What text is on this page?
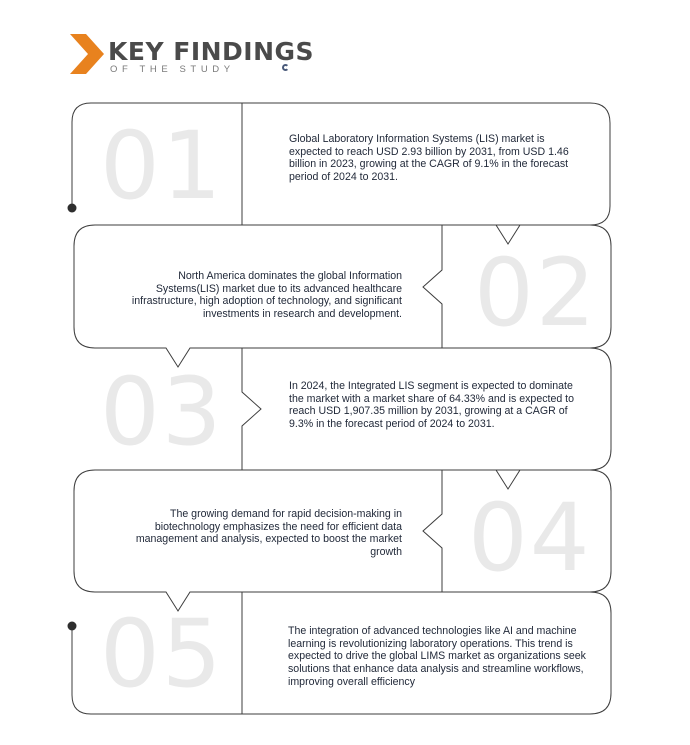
KEY FINDINGS
OF THE STUDY
01	Global Laboratory Information Systems (LIS) market is expected to reach USD 2.93 billion by 2031, from USD 1.46 billion in 2023, growing at the CAGR of 9.1% in the forecast period of 2024 to 2031.
02
North America dominates the global Information Systems(LIS) market due to its advanced healthcare infrastructure, high adoption of technology, and significant investments in research and development.
03	In 2024, the Integrated LIS segment is expected to dominate the market with a market share of 64.33% and is expected to reach USD 1,907.35 million by 2031, growing at a CAGR of 9.3% in the forecast period of 2024 to 2031.
04
The growing demand for rapid decision-making in biotechnology emphasizes the need for efficient data management and analysis, expected to boost the market growth
05	The integration of advanced technologies like AI and machine learning is revolutionizing laboratory operations. This trend is expected to drive the global LIMS market as organizations seek solutions that enhance data analysis and streamline workflows, improving overall efficiency
